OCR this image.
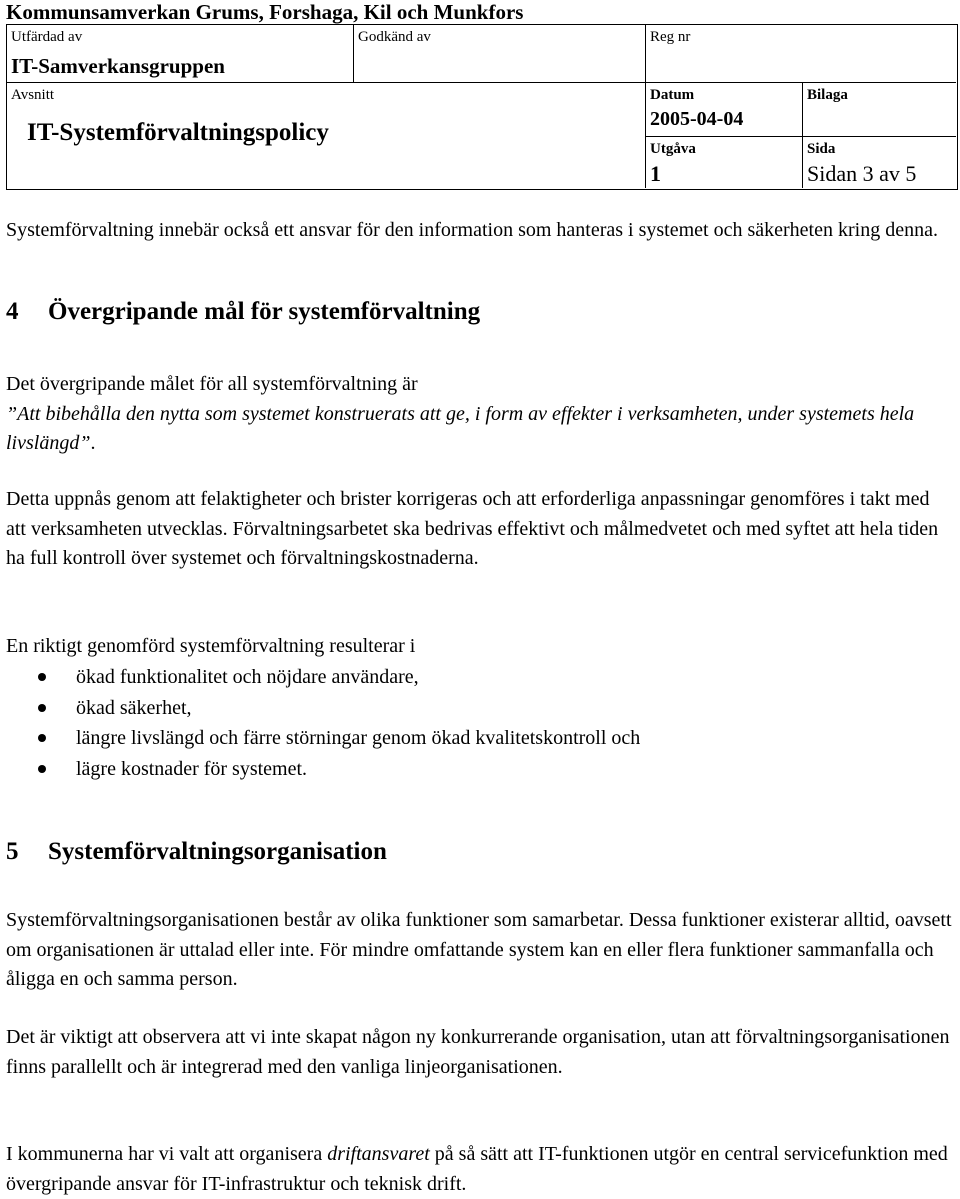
Kommunsamverkan Grums, Forshaga, Kil och Munkfors
Utfärdad av
IT-Samverkansgruppen
Godkänd av	Reg nr
Avsnitt
IT-Systemförvaltningspolicy
Datum
2005-04-04
Bilaga
Utgåva
1
Sida
Sidan 3 av 5

Systemförvaltning innebär också ett ansvar för den information som hanteras i systemet och säkerheten kring denna.

4 Övergripande mål för systemförvaltning

Det övergripande målet för all systemförvaltning är

”Att bibehålla den nytta som systemet konstruerats att ge, i form av effekter i verksamheten, under systemets hela livslängd”.

Detta uppnås genom att felaktigheter och brister korrigeras och att erforderliga anpassningar genomföres i takt med att verksamheten utvecklas. Förvaltningsarbetet ska bedrivas effektivt och målmedvetet och med syftet att hela tiden ha full kontroll över systemet och förvaltningskostnaderna.

En riktigt genomförd systemförvaltning resulterar i

ökad funktionalitet och nöjdare användare,
ökad säkerhet,
längre livslängd och färre störningar genom ökad kvalitetskontroll och
lägre kostnader för systemet.
5 Systemförvaltningsorganisation

Systemförvaltningsorganisationen består av olika funktioner som samarbetar. Dessa funktioner existerar alltid, oavsett om organisationen är uttalad eller inte. För mindre omfattande system kan en eller flera funktioner sammanfalla och åligga en och samma person.

Det är viktigt att observera att vi inte skapat någon ny konkurrerande organisation, utan att förvaltningsorganisationen finns parallellt och är integrerad med den vanliga linjeorganisationen.

I kommunerna har vi valt att organisera driftansvaret på så sätt att IT-funktionen utgör en central servicefunktion med övergripande ansvar för IT-infrastruktur och teknisk drift.
